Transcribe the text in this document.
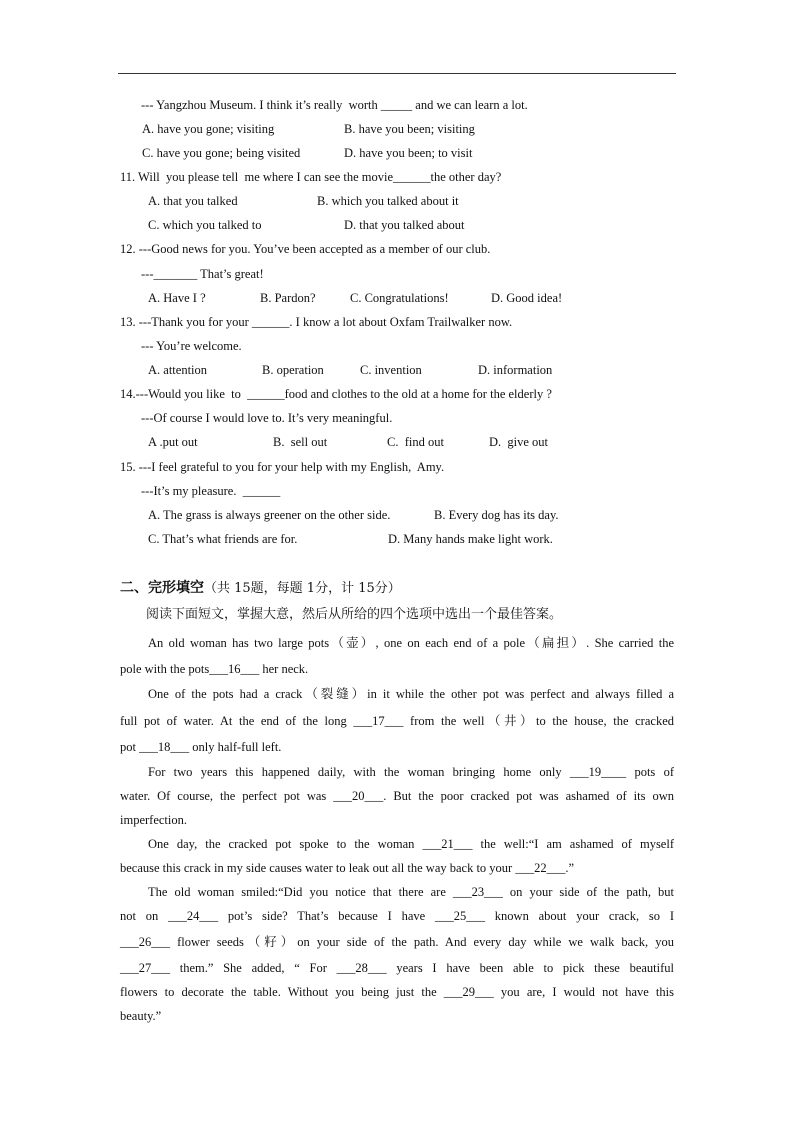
--- Yangzhou Museum. I think it’s really  worth _____ and we can learn a lot.
A. have you gone; visiting	B. have you been; visiting
C. have you gone; being visited	D. have you been; to visit
11. Will  you please tell  me where I can see the movie______the other day?
A. that you talked	B. which you talked about it
C. which you talked to	D. that you talked about
12. ---Good news for you. You’ve been accepted as a member of our club.
---_______ That’s great!
A. Have I ?	B. Pardon?	C. Congratulations!	D. Good idea!
13. ---Thank you for your ______. I know a lot about Oxfam Trailwalker now.
--- You’re welcome.
A. attention	B. operation	C. invention	D. information
14.---Would you like  to  ______food and clothes to the old at a home for the elderly ?
---Of course I would love to. It’s very meaningful.
A .put out	B.  sell out	C.  find out	D.  give out
15. ---I feel grateful to you for your help with my English,  Amy.
---It’s my pleasure.  ______
A. The grass is always greener on the other side.	B. Every dog has its day.
C. That’s what friends are for.	D. Many hands make light work.
二、完形填空（共 15题，每题 1分，计 15分）
阅读下面短文，掌握大意，然后从所给的四个选项中选出一个最佳答案。
An old woman has two large pots（壶）, one on each end of a pole（扁担）. She carried the
pole with the pots___16___ her neck.
One of the pots had a crack（裂缝）in it while the other pot was perfect and always filled a
full pot of water. At the end of the long ___17___ from the well（井）to the house, the cracked
pot ___18___ only half-full left.
For two years this happened daily, with the woman bringing home only ___19____ pots of
water. Of course, the perfect pot was ___20___. But the poor cracked pot was ashamed of its own
imperfection.
One day, the cracked pot spoke to the woman ___21___ the well:“I am ashamed of myself
because this crack in my side causes water to leak out all the way back to your ___22___.”
The old woman smiled:“Did you notice that there are ___23___ on your side of the path, but
not on ___24___ pot’s side? That’s because I have ___25___ known about your crack, so I
___26___ flower seeds（籽）on your side of the path. And every day while we walk back, you
___27___ them.” She added, “ For ___28___ years I have been able to pick these beautiful
flowers to decorate the table. Without you being just the ___29___ you are, I would not have this
beauty.”
